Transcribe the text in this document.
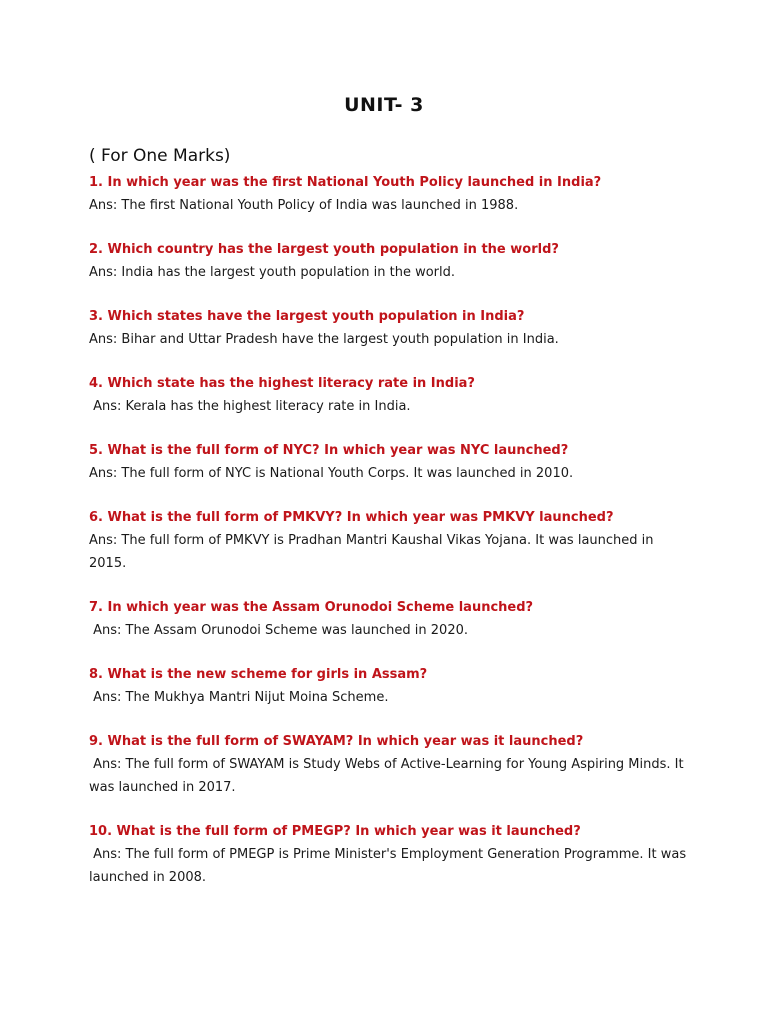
UNIT- 3
( For One Marks)
1. In which year was the first National Youth Policy launched in India?
Ans: The first National Youth Policy of India was launched in 1988.
2. Which country has the largest youth population in the world?
Ans: India has the largest youth population in the world.
3. Which states have the largest youth population in India?
Ans: Bihar and Uttar Pradesh have the largest youth population in India.
4. Which state has the highest literacy rate in India?
Ans: Kerala has the highest literacy rate in India.
5. What is the full form of NYC? In which year was NYC launched?
Ans: The full form of NYC is National Youth Corps. It was launched in 2010.
6. What is the full form of PMKVY? In which year was PMKVY launched?
Ans: The full form of PMKVY is Pradhan Mantri Kaushal Vikas Yojana. It was launched in 2015.
7. In which year was the Assam Orunodoi Scheme launched?
Ans: The Assam Orunodoi Scheme was launched in 2020.
8. What is the new scheme for girls in Assam?
Ans: The Mukhya Mantri Nijut Moina Scheme.
9. What is the full form of SWAYAM? In which year was it launched?
Ans: The full form of SWAYAM is Study Webs of Active-Learning for Young Aspiring Minds. It was launched in 2017.
10. What is the full form of PMEGP? In which year was it launched?
Ans: The full form of PMEGP is Prime Minister's Employment Generation Programme. It was launched in 2008.
